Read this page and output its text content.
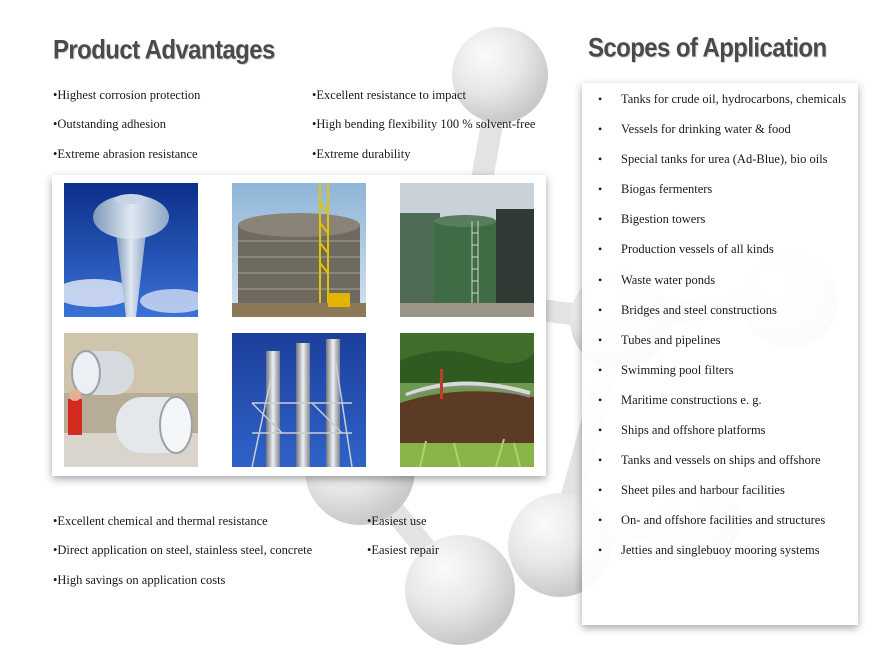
Product Advantages	Scopes of Application
• Highest corrosion protection
• Outstanding adhesion
• Extreme abrasion resistance
• Excellent resistance to impact
• High bending flexibility 100 % solvent-free
• Extreme durability
• Excellent chemical and thermal resistance
• Direct application on steel, stainless steel, concrete
• High savings on application costs
• Easiest use
• Easiest repair
• Tanks for crude oil, hydrocarbons, chemicals
• Vessels for drinking water & food
• Special tanks for urea (Ad-Blue), bio oils
• Biogas fermenters
• Bigestion towers
• Production vessels of all kinds
• Waste water ponds
• Bridges and steel constructions
• Tubes and pipelines
• Swimming pool filters
• Maritime constructions e. g.
• Ships and offshore platforms
• Tanks and vessels on ships and offshore
• Sheet piles and harbour facilities
• On- and offshore facilities and structures
• Jetties and singlebuoy mooring systems
